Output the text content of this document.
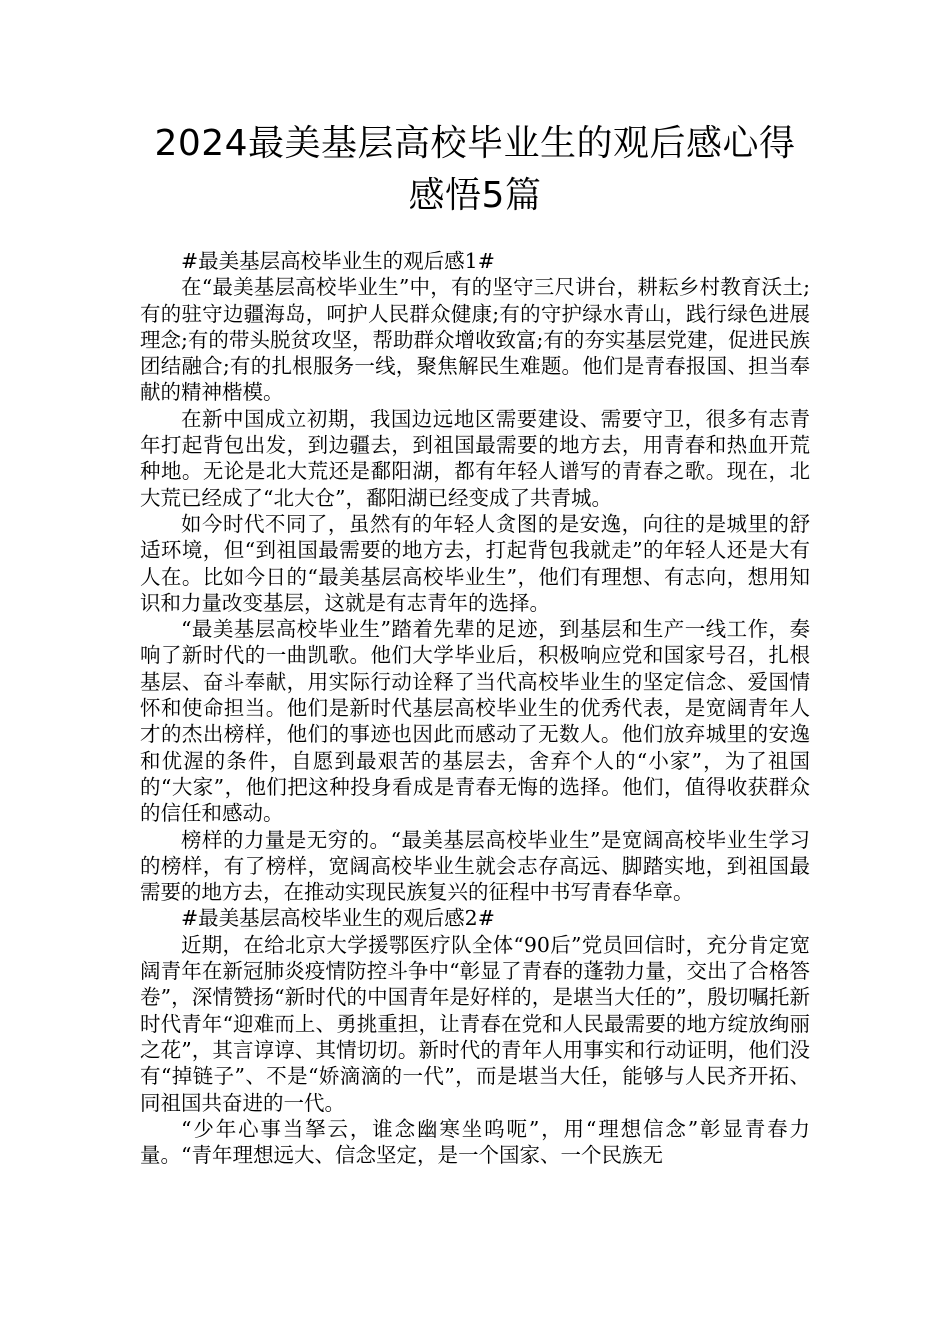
2024最美基层高校毕业生的观后感心得
感悟5篇

#最美基层高校毕业生的观后感1#

在“最美基层高校毕业生”中，有的坚守三尺讲台，耕耘乡村教育沃土;有的驻守边疆海岛，呵护人民群众健康;有的守护绿水青山，践行绿色进展理念;有的带头脱贫攻坚，帮助群众增收致富;有的夯实基层党建，促进民族团结融合;有的扎根服务一线，聚焦解民生难题。他们是青春报国、担当奉献的精神楷模。

在新中国成立初期，我国边远地区需要建设、需要守卫，很多有志青年打起背包出发，到边疆去，到祖国最需要的地方去，用青春和热血开荒种地。无论是北大荒还是鄱阳湖，都有年轻人谱写的青春之歌。现在，北大荒已经成了“北大仓”，鄱阳湖已经变成了共青城。

如今时代不同了，虽然有的年轻人贪图的是安逸，向往的是城里的舒适环境，但“到祖国最需要的地方去，打起背包我就走”的年轻人还是大有人在。比如今日的“最美基层高校毕业生”，他们有理想、有志向，想用知识和力量改变基层，这就是有志青年的选择。

“最美基层高校毕业生”踏着先辈的足迹，到基层和生产一线工作，奏响了新时代的一曲凯歌。他们大学毕业后，积极响应党和国家号召，扎根基层、奋斗奉献，用实际行动诠释了当代高校毕业生的坚定信念、爱国情怀和使命担当。他们是新时代基层高校毕业生的优秀代表，是宽阔青年人才的杰出榜样，他们的事迹也因此而感动了无数人。他们放弃城里的安逸和优渥的条件，自愿到最艰苦的基层去，舍弃个人的“小家”，为了祖国的“大家”，他们把这种投身看成是青春无悔的选择。他们，值得收获群众的信任和感动。

榜样的力量是无穷的。“最美基层高校毕业生”是宽阔高校毕业生学习的榜样，有了榜样，宽阔高校毕业生就会志存高远、脚踏实地，到祖国最需要的地方去，在推动实现民族复兴的征程中书写青春华章。

#最美基层高校毕业生的观后感2#

近期，在给北京大学援鄂医疗队全体“90后”党员回信时，充分肯定宽阔青年在新冠肺炎疫情防控斗争中“彰显了青春的蓬勃力量，交出了合格答卷”，深情赞扬“新时代的中国青年是好样的，是堪当大任的”，殷切嘱托新时代青年“迎难而上、勇挑重担，让青春在党和人民最需要的地方绽放绚丽之花”，其言谆谆、其情切切。新时代的青年人用事实和行动证明，他们没有“掉链子”、不是“娇滴滴的一代”，而是堪当大任，能够与人民齐开拓、同祖国共奋进的一代。

“少年心事当拏云，谁念幽寒坐呜呃”，用“理想信念”彰显青春力量。“青年理想远大、信念坚定，是一个国家、一个民族无
